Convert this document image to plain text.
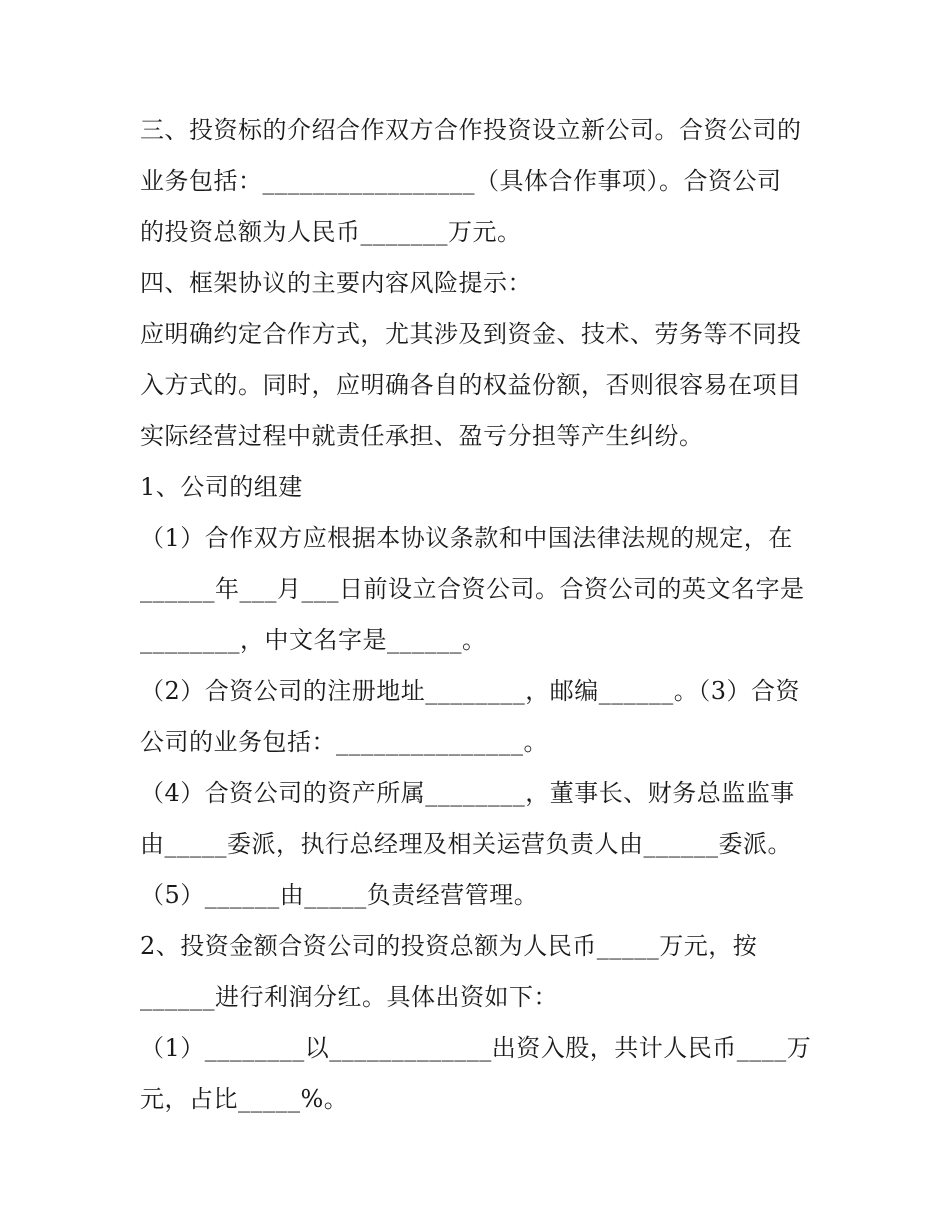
三、投资标的介绍合作双方合作投资设立新公司。合资公司的
业务包括：_________________（具体合作事项）。合资公司
的投资总额为人民币_______万元。
四、框架协议的主要内容风险提示：
应明确约定合作方式，尤其涉及到资金、技术、劳务等不同投
入方式的。同时，应明确各自的权益份额，否则很容易在项目
实际经营过程中就责任承担、盈亏分担等产生纠纷。
1、公司的组建
（1）合作双方应根据本协议条款和中国法律法规的规定，在
______年___月___日前设立合资公司。合资公司的英文名字是
________，中文名字是______。
（2）合资公司的注册地址________，邮编______。（3）合资
公司的业务包括：_______________。
（4）合资公司的资产所属________，董事长、财务总监监事
由_____委派，执行总经理及相关运营负责人由______委派。
（5）______由_____负责经营管理。
2、投资金额合资公司的投资总额为人民币_____万元，按
______进行利润分红。具体出资如下：
（1）________以_____________出资入股，共计人民币____万
元，占比_____%。
